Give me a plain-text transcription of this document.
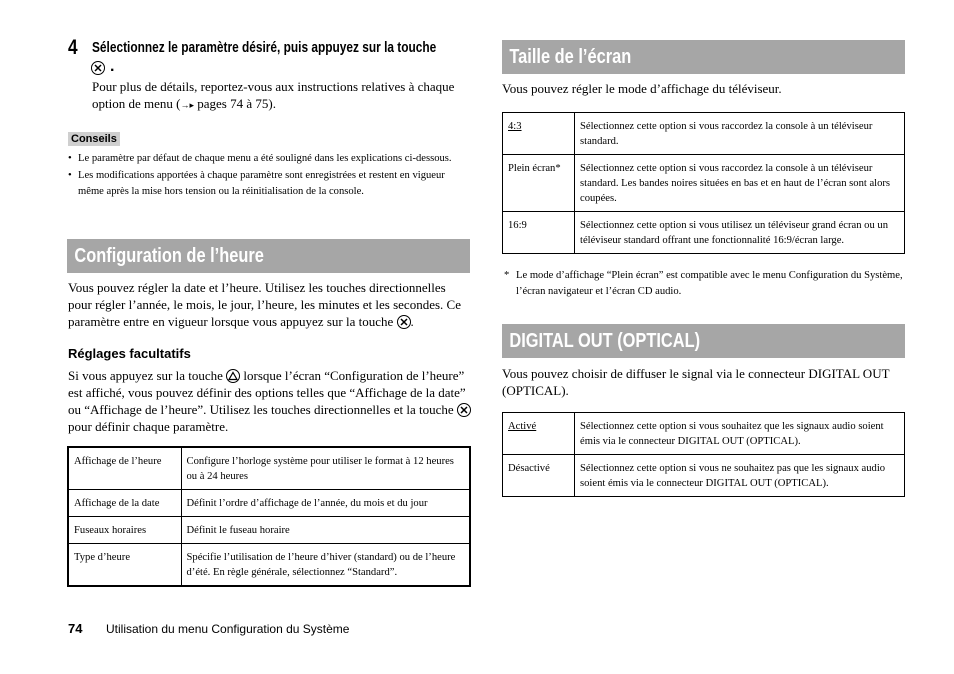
4 Sélectionnez le paramètre désiré, puis appuyez sur la touche
.
Pour plus de détails, reportez-vous aux instructions relatives à chaque option de menu (→▸ pages 74 à 75).
Conseils
• Le paramètre par défaut de chaque menu a été souligné dans les explications ci-dessous.
• Les modifications apportées à chaque paramètre sont enregistrées et restent en vigueur même après la mise hors tension ou la réinitialisation de la console.
Configuration de l’heure
Vous pouvez régler la date et l’heure. Utilisez les touches directionnelles pour régler l’année, le mois, le jour, l’heure, les minutes et les secondes. Ce paramètre entre en vigueur lorsque vous appuyez sur la touche .
Réglages facultatifs
Si vous appuyez sur la touche lorsque l’écran “Configuration de l’heure” est affiché, vous pouvez définir des options telles que “Affichage de la date” ou “Affichage de l’heure”. Utilisez les touches directionnelles et la touche
pour définir chaque paramètre.
Affichage de l’heure	Configure l’horloge système pour utiliser le format à 12 heures ou à 24 heures
Affichage de la date	Définit l’ordre d’affichage de l’année, du mois et du jour
Fuseaux horaires	Définit le fuseau horaire
Type d’heure	Spécifie l’utilisation de l’heure d’hiver (standard) ou de l’heure d’été. En règle générale, sélectionnez “Standard”.
Taille de l’écran
Vous pouvez régler le mode d’affichage du téléviseur.
4:3	Sélectionnez cette option si vous raccordez la console à un téléviseur standard.
Plein écran*	Sélectionnez cette option si vous raccordez la console à un téléviseur standard. Les bandes noires situées en bas et en haut de l’écran sont alors coupées.
16:9	Sélectionnez cette option si vous utilisez un téléviseur grand écran ou un téléviseur standard offrant une fonctionnalité 16:9/écran large.
* Le mode d’affichage “Plein écran” est compatible avec le menu Configuration du Système, l’écran navigateur et l’écran CD audio.
DIGITAL OUT (OPTICAL)
Vous pouvez choisir de diffuser le signal via le connecteur DIGITAL OUT (OPTICAL).
Activé	Sélectionnez cette option si vous souhaitez que les signaux audio soient émis via le connecteur DIGITAL OUT (OPTICAL).
Désactivé	Sélectionnez cette option si vous ne souhaitez pas que les signaux audio soient émis via le connecteur DIGITAL OUT (OPTICAL).
74 Utilisation du menu Configuration du Système
